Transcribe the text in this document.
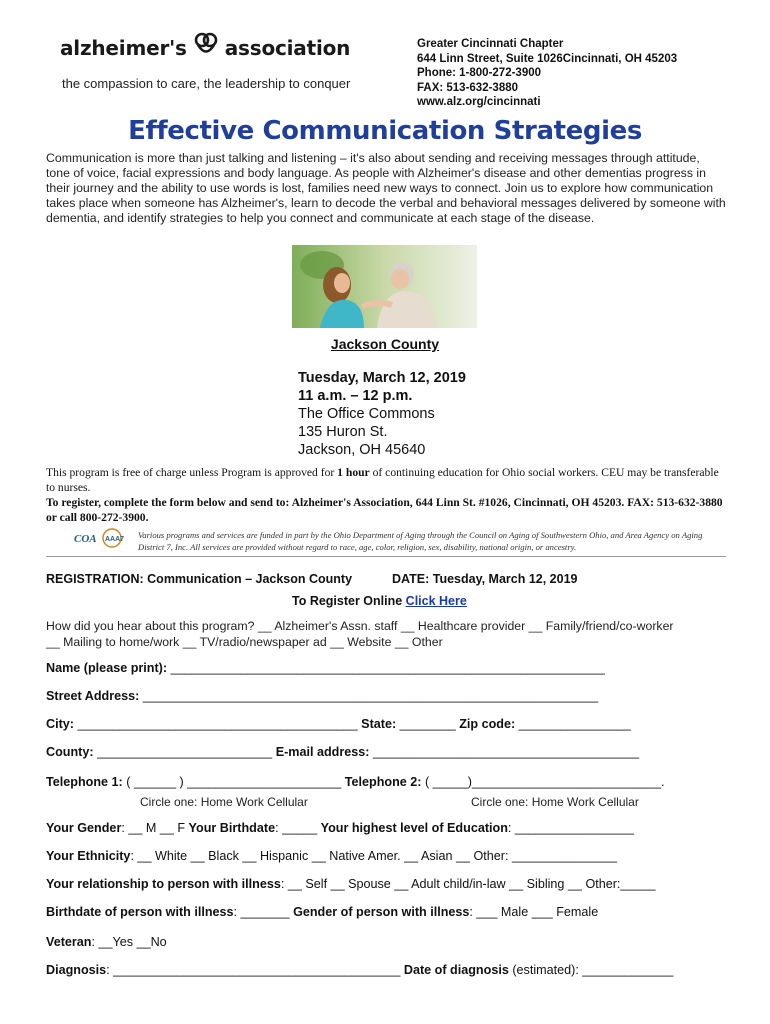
alzheimer's association
the compassion to care, the leadership to conquer
Greater Cincinnati Chapter
644 Linn Street, Suite 1026Cincinnati, OH 45203
Phone: 1-800-272-3900
FAX: 513-632-3880
www.alz.org/cincinnati
Effective Communication Strategies
Communication is more than just talking and listening – it's also about sending and receiving messages through attitude, tone of voice, facial expressions and body language. As people with Alzheimer's disease and other dementias progress in their journey and the ability to use words is lost, families need new ways to connect. Join us to explore how communication takes place when someone has Alzheimer's, learn to decode the verbal and behavioral messages delivered by someone with dementia, and identify strategies to help you connect and communicate at each stage of the disease.
Jackson County
Tuesday, March 12, 2019
11 a.m. – 12 p.m.
The Office Commons
135 Huron St.
Jackson, OH 45640
This program is free of charge unless Program is approved for 1 hour of continuing education for Ohio social workers. CEU may be transferable to nurses.
To register, complete the form below and send to: Alzheimer's Association, 644 Linn St. #1026, Cincinnati, OH 45203. FAX: 513-632-3880 or call 800-272-3900.
COA AAA7 Various programs and services are funded in part by the Ohio Department of Aging through the Council on Aging of Southwestern Ohio, and Area Agency on Aging District 7, Inc. All services are provided without regard to race, age, color, religion, sex, disability, national origin, or ancestry.
REGISTRATION: Communication – Jackson County	DATE: Tuesday, March 12, 2019
To Register Online Click Here
How did you hear about this program? __ Alzheimer's Assn. staff __ Healthcare provider __ Family/friend/co-worker
__ Mailing to home/work __ TV/radio/newspaper ad __ Website __ Other
Name (please print): ______________________________________________________________
Street Address: _________________________________________________________________
City: ________________________________________ State: ________ Zip code: ________________
County: _________________________ E-mail address: ______________________________________
Telephone 1: ( ______ ) ______________________ Telephone 2: ( _____)___________________________.
Circle one: Home Work Cellular	Circle one: Home Work Cellular
Your Gender: __ M __ F Your Birthdate: _____ Your highest level of Education: _________________
Your Ethnicity: __ White __ Black __ Hispanic __ Native Amer. __ Asian __ Other: _______________
Your relationship to person with illness: __ Self __ Spouse __ Adult child/in-law __ Sibling __ Other:_____
Birthdate of person with illness: _______ Gender of person with illness: ___ Male ___ Female
Veteran: __Yes __No
Diagnosis: _________________________________________ Date of diagnosis (estimated): _____________
